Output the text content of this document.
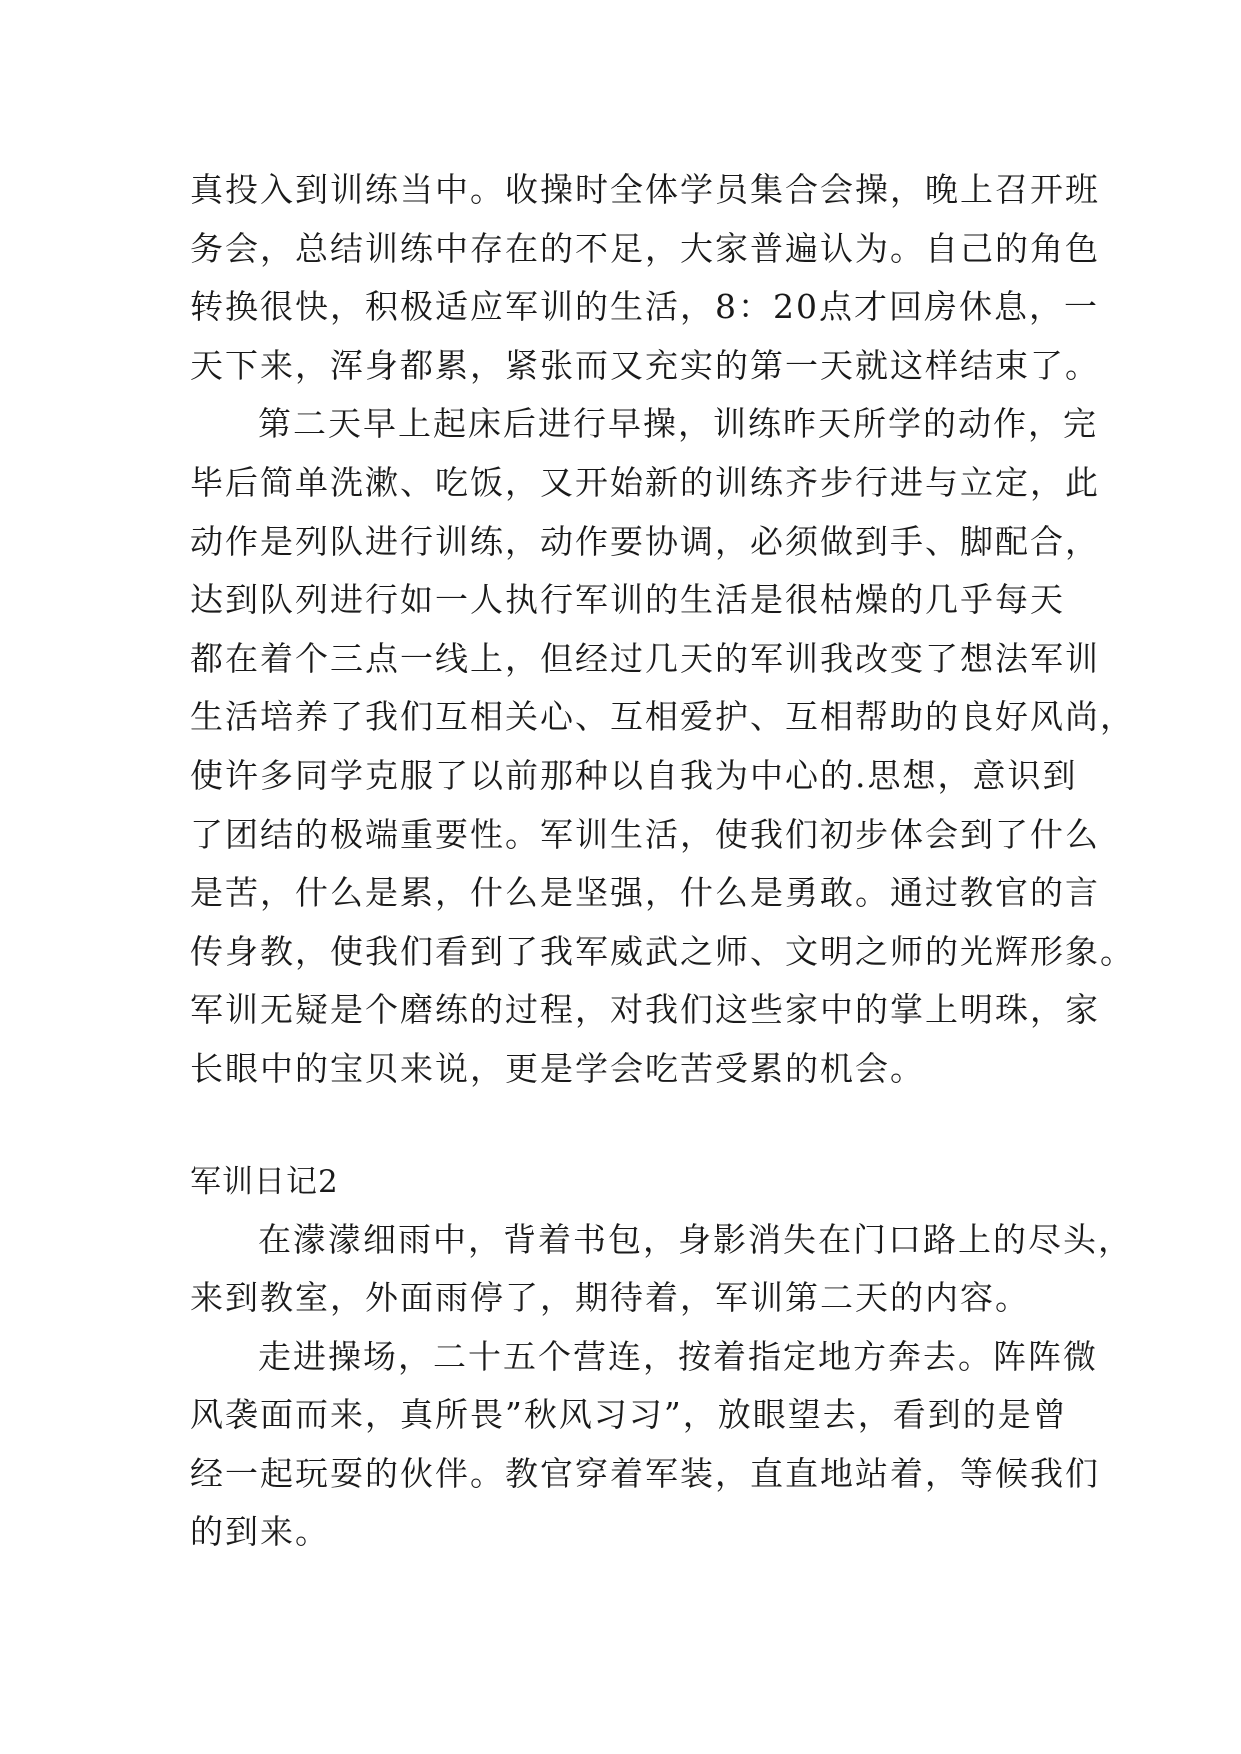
真投入到训练当中。收操时全体学员集合会操，晚上召开班
务会，总结训练中存在的不足，大家普遍认为。自己的角色
转换很快，积极适应军训的生活，8：20点才回房休息，一
天下来，浑身都累，紧张而又充实的第一天就这样结束了。
第二天早上起床后进行早操，训练昨天所学的动作，完
毕后简单洗漱、吃饭，又开始新的训练齐步行进与立定，此
动作是列队进行训练，动作要协调，必须做到手、脚配合，
达到队列进行如一人执行军训的生活是很枯燥的几乎每天
都在着个三点一线上，但经过几天的军训我改变了想法军训
生活培养了我们互相关心、互相爱护、互相帮助的良好风尚，
使许多同学克服了以前那种以自我为中心的.思想，意识到
了团结的极端重要性。军训生活，使我们初步体会到了什么
是苦，什么是累，什么是坚强，什么是勇敢。通过教官的言
传身教，使我们看到了我军威武之师、文明之师的光辉形象。
军训无疑是个磨练的过程，对我们这些家中的掌上明珠，家
长眼中的宝贝来说，更是学会吃苦受累的机会。
军训日记2
在濛濛细雨中，背着书包，身影消失在门口路上的尽头，
来到教室，外面雨停了，期待着，军训第二天的内容。
走进操场，二十五个营连，按着指定地方奔去。阵阵微
风袭面而来，真所畏”秋风习习”，放眼望去，看到的是曾
经一起玩耍的伙伴。教官穿着军装，直直地站着，等候我们
的到来。
